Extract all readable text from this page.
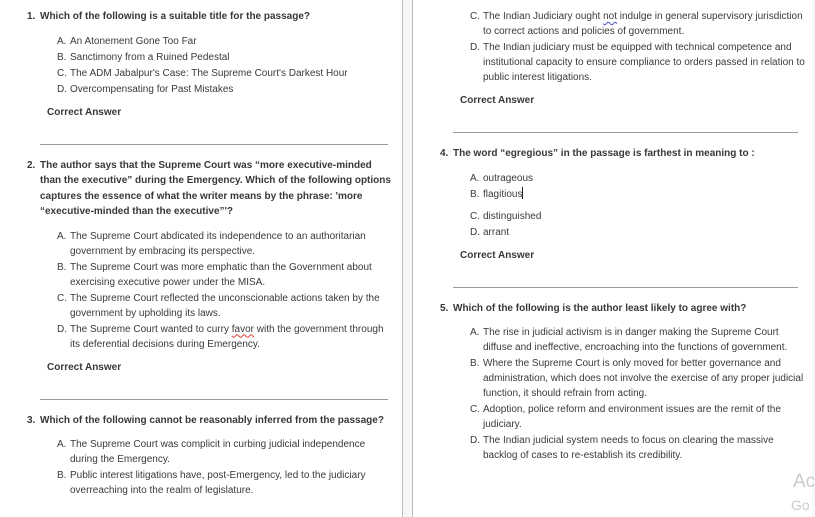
1. Which of the following is a suitable title for the passage?
A. An Atonement Gone Too Far
B. Sanctimony from a Ruined Pedestal
C. The ADM Jabalpur's Case: The Supreme Court's Darkest Hour
D. Overcompensating for Past Mistakes
Correct Answer
2. The author says that the Supreme Court was “more executive-minded than the executive” during the Emergency. Which of the following options captures the essence of what the writer means by the phrase: 'more “executive-minded than the executive”'?
A. The Supreme Court abdicated its independence to an authoritarian government by embracing its perspective.
B. The Supreme Court was more emphatic than the Government about exercising executive power under the MISA.
C. The Supreme Court reflected the unconscionable actions taken by the government by upholding its laws.
D. The Supreme Court wanted to curry favor with the government through its deferential decisions during Emergency.
Correct Answer
3. Which of the following cannot be reasonably inferred from the passage?
A. The Supreme Court was complicit in curbing judicial independence during the Emergency.
B. Public interest litigations have, post-Emergency, led to the judiciary overreaching into the realm of legislature.
C. The Indian Judiciary ought not indulge in general supervisory jurisdiction to correct actions and policies of government.
D. The Indian judiciary must be equipped with technical competence and institutional capacity to ensure compliance to orders passed in relation to public interest litigations.
Correct Answer
4. The word “egregious” in the passage is farthest in meaning to :
A. outrageous
B. flagitious
C. distinguished
D. arrant
Correct Answer
5. Which of the following is the author least likely to agree with?
A. The rise in judicial activism is in danger making the Supreme Court diffuse and ineffective, encroaching into the functions of government.
B. Where the Supreme Court is only moved for better governance and administration, which does not involve the exercise of any proper judicial function, it should refrain from acting.
C. Adoption, police reform and environment issues are the remit of the judiciary.
D. The Indian judicial system needs to focus on clearing the massive backlog of cases to re-establish its credibility.
Ac
Go
